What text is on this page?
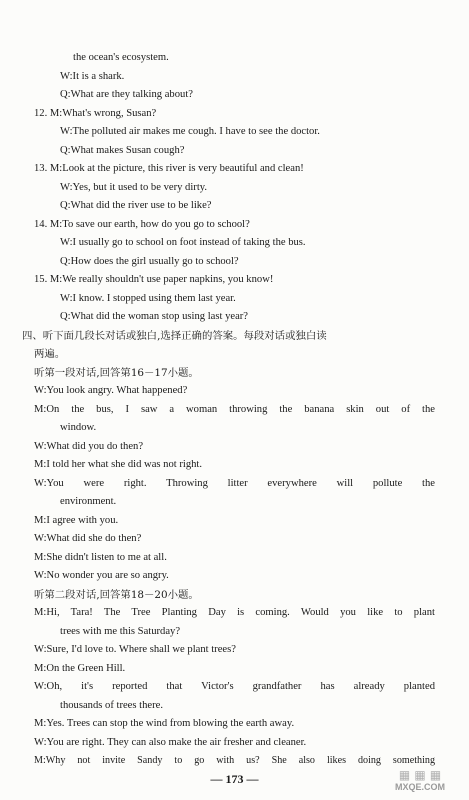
the ocean's ecosystem.
W:It is a shark.
Q:What are they talking about?
12. M:What's wrong, Susan?
W:The polluted air makes me cough. I have to see the doctor.
Q:What makes Susan cough?
13. M:Look at the picture, this river is very beautiful and clean!
W:Yes, but it used to be very dirty.
Q:What did the river use to be like?
14. M:To save our earth, how do you go to school?
W:I usually go to school on foot instead of taking the bus.
Q:How does the girl usually go to school?
15. M:We really shouldn't use paper napkins, you know!
W:I know. I stopped using them last year.
Q:What did the woman stop using last year?
四、听下面几段长对话或独白,选择正确的答案。每段对话或独白读
两遍。
听第一段对话,回答第16－17小题。
W:You look angry. What happened?
M:On the bus, I saw a woman throwing the banana skin out of the
window.
W:What did you do then?
M:I told her what she did was not right.
W:You were right. Throwing litter everywhere will pollute the
environment.
M:I agree with you.
W:What did she do then?
M:She didn't listen to me at all.
W:No wonder you are so angry.
听第二段对话,回答第18－20小题。
M:Hi, Tara! The Tree Planting Day is coming. Would you like to plant
trees with me this Saturday?
W:Sure, I'd love to. Where shall we plant trees?
M:On the Green Hill.
W:Oh, it's reported that Victor's grandfather has already planted
thousands of trees there.
M:Yes. Trees can stop the wind from blowing the earth away.
W:You are right. They can also make the air fresher and cleaner.
M:Why not invite Sandy to go with us? She also likes doing something
— 173 —
MXQE.COM
▦ ▦ ▦
